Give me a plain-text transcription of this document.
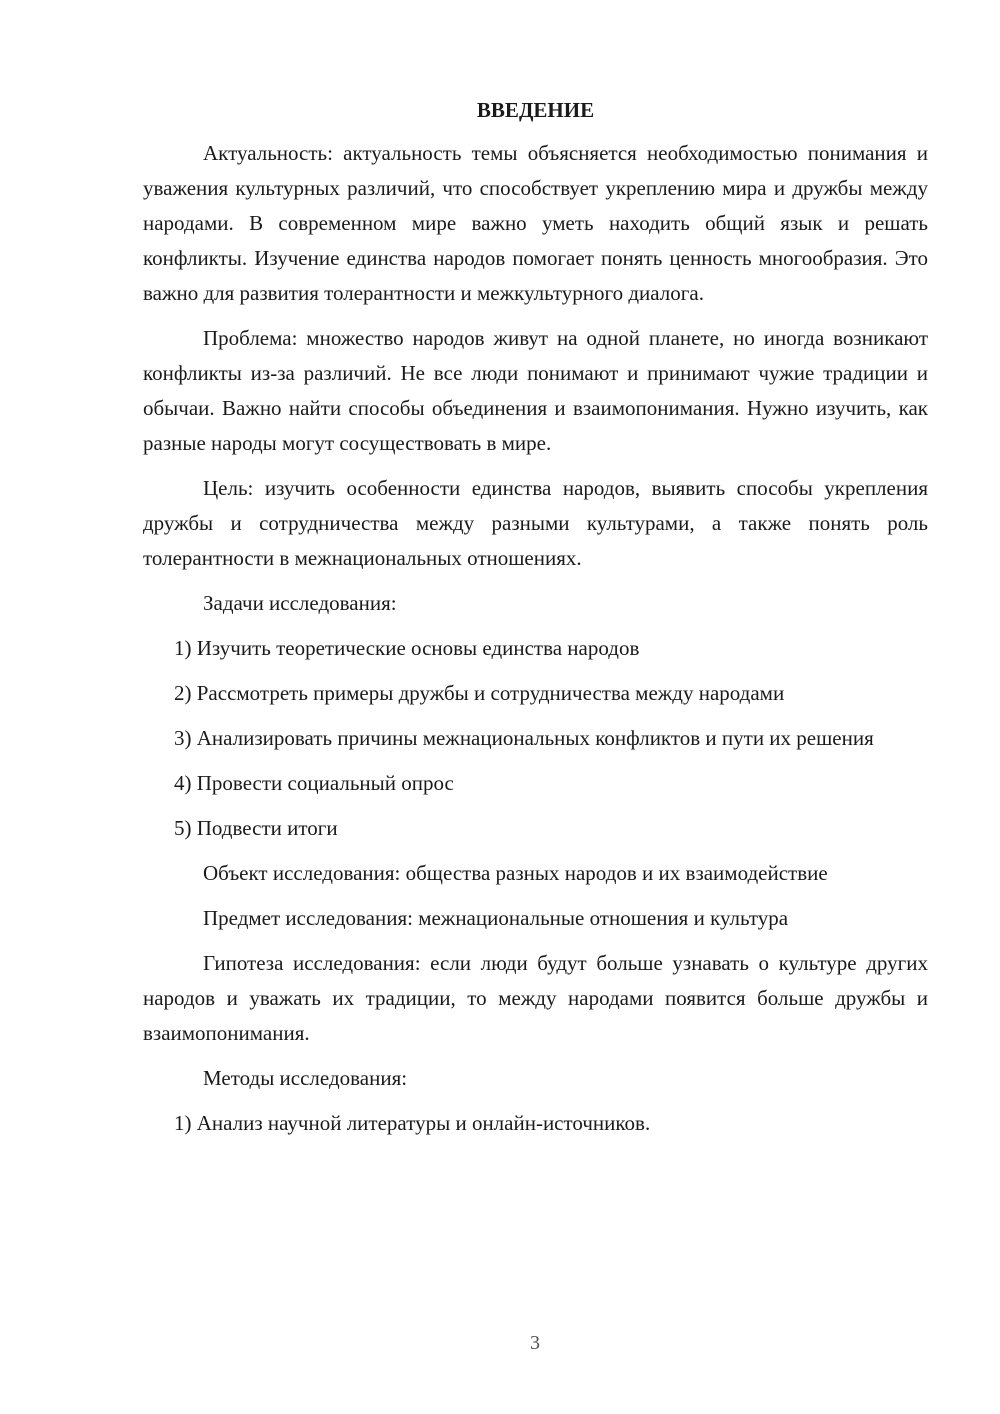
ВВЕДЕНИЕ

Актуальность: актуальность темы объясняется необходимостью понимания и уважения культурных различий, что способствует укреплению мира и дружбы между народами. В современном мире важно уметь находить общий язык и решать конфликты. Изучение единства народов помогает понять ценность многообразия. Это важно для развития толерантности и межкультурного диалога.

Проблема: множество народов живут на одной планете, но иногда возникают конфликты из-за различий. Не все люди понимают и принимают чужие традиции и обычаи. Важно найти способы объединения и взаимопонимания. Нужно изучить, как разные народы могут сосуществовать в мире.

Цель: изучить особенности единства народов, выявить способы укрепления дружбы и сотрудничества между разными культурами, а также понять роль толерантности в межнациональных отношениях.

Задачи исследования:

1) Изучить теоретические основы единства народов

2) Рассмотреть примеры дружбы и сотрудничества между народами

3) Анализировать причины межнациональных конфликтов и пути их решения

4) Провести социальный опрос

5) Подвести итоги

Объект исследования: общества разных народов и их взаимодействие

Предмет исследования: межнациональные отношения и культура

Гипотеза исследования: если люди будут больше узнавать о культуре других народов и уважать их традиции, то между народами появится больше дружбы и взаимопонимания.

Методы исследования:

1) Анализ научной литературы и онлайн-источников.

3
